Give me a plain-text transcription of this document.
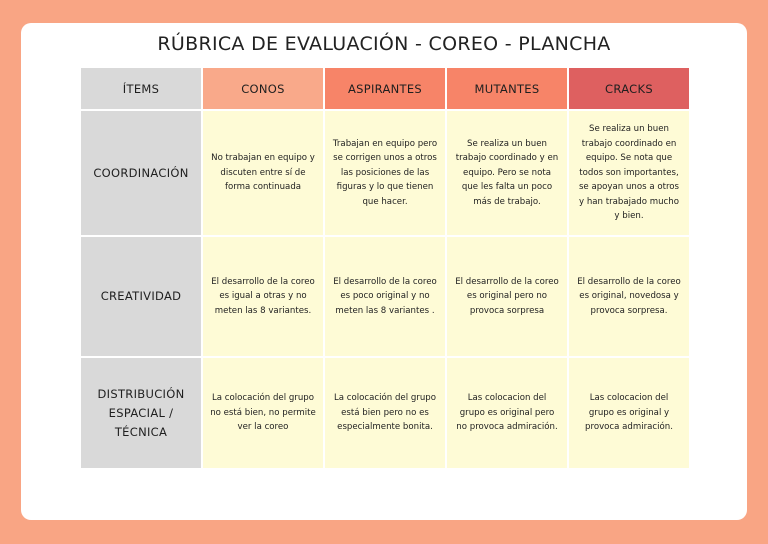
RÚBRICA DE EVALUACIÓN - COREO - PLANCHA
ÍTEMS	CONOS	ASPIRANTES	MUTANTES	CRACKS
COORDINACIÓN	No trabajan en equipo y discuten entre sí de forma continuada	Trabajan en equipo pero se corrigen unos a otros las posiciones de las figuras y lo que tienen que hacer.	Se realiza un buen trabajo coordinado y en equipo. Pero se nota que les falta un poco más de trabajo.	Se realiza un buen trabajo coordinado en equipo. Se nota que todos son importantes, se apoyan unos a otros y han trabajado mucho y bien.
CREATIVIDAD	El desarrollo de la coreo es igual a otras y no meten las 8 variantes.	El desarrollo de la coreo es poco original y no meten las 8 variantes .	El desarrollo de la coreo es original pero no provoca sorpresa	El desarrollo de la coreo es original, novedosa y provoca sorpresa.
DISTRIBUCIÓN ESPACIAL / TÉCNICA	La colocación del grupo no está bien, no permite ver la coreo	La colocación del grupo está bien pero no es especialmente bonita.	Las colocacion del grupo es original pero no provoca admiración.	Las colocacion del grupo es original y provoca admiración.
